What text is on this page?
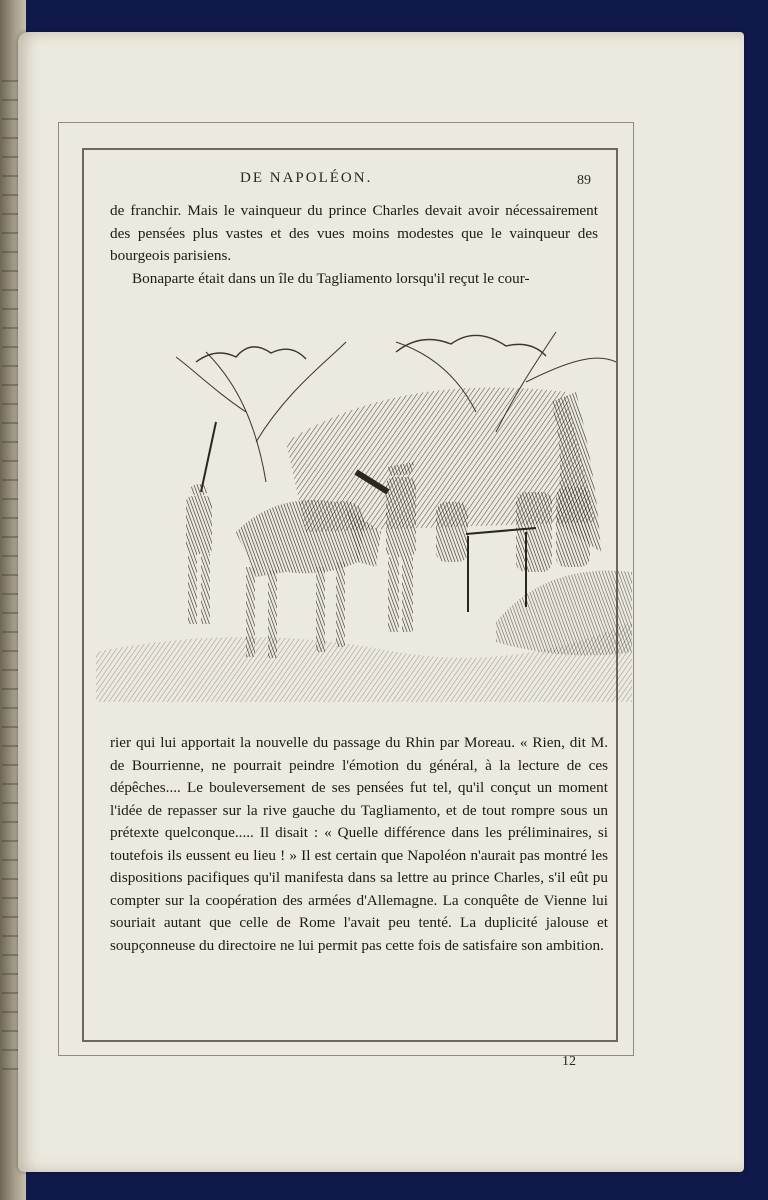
DE NAPOLÉON.	89

de franchir. Mais le vainqueur du prince Charles devait avoir nécessairement des pensées plus vastes et des vues moins modestes que le vainqueur des bourgeois parisiens.
Bonaparte était dans un île du Tagliamento lorsqu'il reçut le cour-

rier qui lui apportait la nouvelle du passage du Rhin par Moreau. « Rien, dit M. de Bourrienne, ne pourrait peindre l'émotion du général, à la lecture de ces dépêches.... Le bouleversement de ses pensées fut tel, qu'il conçut un moment l'idée de repasser sur la rive gauche du Tagliamento, et de tout rompre sous un prétexte quelconque..... Il disait : « Quelle différence dans les préliminaires, si toutefois ils eussent eu lieu ! » Il est certain que Napoléon n'aurait pas montré les dispositions pacifiques qu'il manifesta dans sa lettre au prince Charles, s'il eût pu compter sur la coopération des armées d'Allemagne. La conquête de Vienne lui souriait autant que celle de Rome l'avait peu tenté. La duplicité jalouse et soupçonneuse du directoire ne lui permit pas cette fois de satisfaire son ambition.

12
